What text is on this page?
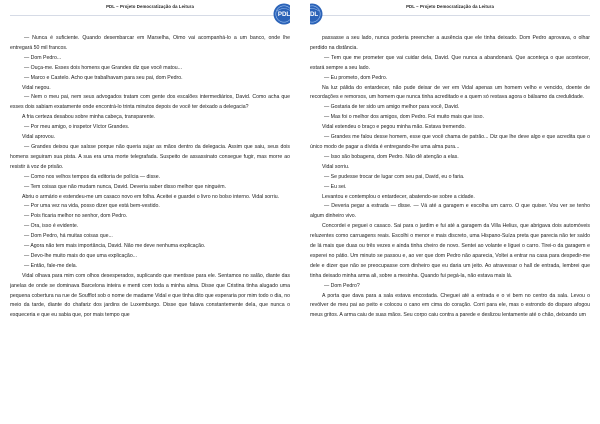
PDL – Projeto Democratização da Leitura
PDL

— Nunca é suficiente. Quando desembarcar em Marselha, Oimo vai acompanhá-lo a um banco, onde lhe entregará 50 mil francos.

— Dom Pedro...

— Ouça-me. Esses dois homens que Grandes diz que você matou...

— Marco e Castelo. Acho que trabalhavam para seu pai, dom Pedro.

Vidal negou.

— Nem o meu pai, nem seus advogados tratam com gente dos escalões intermediários, David. Como acha que esses dois sabiam exatamente onde encontrá-lo trinta minutos depois de você ter deixado a delegacia?

A fria certeza desabou sobre minha cabeça, transparente.

— Por meu amigo, o inspetor Víctor Grandes.

Vidal aprovou.

— Grandes deixou que saísse porque não queria sujar as mãos dentro da delegacia. Assim que saiu, seus dois homens seguiram sua pista. A sua era uma morte telegrafada. Suspeito de assassinato consegue fugir, mas morre ao resistir à voz de prisão.

— Como nos velhos tempos da editoria de polícia — disse.

— Tem coisas que não mudam nunca, David. Deveria saber disso melhor que ninguém.

Abriu o armário e estendeu-me um casaco novo em folha. Aceitei e guardei o livro no bolso interno. Vidal sorriu.

— Por uma vez na vida, posso dizer que está bem-vestido.

— Pois ficaria melhor no senhor, dom Pedro.

— Ora, isso é evidente.

— Dom Pedro, há muitas coisas que...

— Agora não tem mais importância, David. Não me deve nenhuma explicação.

— Devo-lhe muito mais do que uma explicação...

— Então, fale-me dela.

Vidal olhava para mim com olhos desesperados, suplicando que mentisse para ele. Sentamos no salão, diante das janelas de onde se dominava Barcelona inteira e menti com toda a minha alma. Disse que Cristina tinha alugado uma pequena cobertura na rue de Soufflot sob o nome de madame Vidal e que tinha dito que esperaria por mim todo o dia, no meio da tarde, diante do chafariz dos jardins de Luxemburgo. Disse que falava constantemente dela, que nunca o esqueceria e que eu sabia que, por mais tempo que

PDL
PDL – Projeto Democratização da Leitura

passasse a seu lado, nunca poderia preencher a ausência que ele tinha deixado. Dom Pedro aprovava, o olhar perdido na distância.

— Tem que me prometer que vai cuidar dela, David. Que nunca a abandonará. Que aconteça o que acontecer, estará sempre a seu lado.

— Eu prometo, dom Pedro.

Na luz pálida do entardecer, não pude deixar de ver em Vidal apenas um homem velho e vencido, doente de recordações e remorsos, um homem que nunca tinha acreditado e a quem só restava agora o bálsamo da credulidade.

— Gostaria de ter sido um amigo melhor para você, David.

— Mas foi o melhor dos amigos, dom Pedro. Foi muito mais que isso.

Vidal estendeu o braço e pegou minha mão. Estava tremendo.

— Grandes me falou desse homem, esse que você chama de patrão... Diz que lhe deve algo e que acredita que o único modo de pagar a dívida é entregando-lhe uma alma pura...

— Isso são bobagens, dom Pedro. Não dê atenção a elas.

Vidal sorriu.

— Se pudesse trocar de lugar com seu pai, David, eu o faria.

— Eu sei.

Levantou e contemplou o entardecer, abatendo-se sobre a cidade.

— Deveria pegar a estrada — disse. — Vá até a garagem e escolha um carro. O que quiser. Vou ver se tenho algum dinheiro vivo.

Concordei e peguei o casaco. Sai para o jardim e fui até a garagem da Villa Helius, que abrigava dois automóveis reluzentes como carruagens reais. Escolhi o menor e mais discreto, uma Hispano-Suíza preta que parecia não ter saído de lá mais que duas ou três vezes e ainda tinha cheiro de novo. Sentei ao volante e liguei o carro. Tirei-o da garagem e esperei no pátio. Um minuto se passou e, ao ver que dom Pedro não aparecia, Voltei a entrar na casa para despedir-me dele e dizer que não se preocupasse com dinheiro que eu daria um jeito. Ao atravessar o hall de entrada, lembrei que tinha deixado minha arma ali, sobre a mesinha. Quando fui pegá-la, não estava mais lá.

— Dom Pedro?

A porta que dava para a sala estava encostada. Cheguei até a entrada e o vi bem no centro da sala. Levou o revólver de meu pai ao peito e colocou o cano em cima do coração. Corri para ele, mas o estrondo do disparo afogou meus gritos. A arma caiu de suas mãos. Seu corpo caiu contra a parede e deslizou lentamente até o chão, deixando um
